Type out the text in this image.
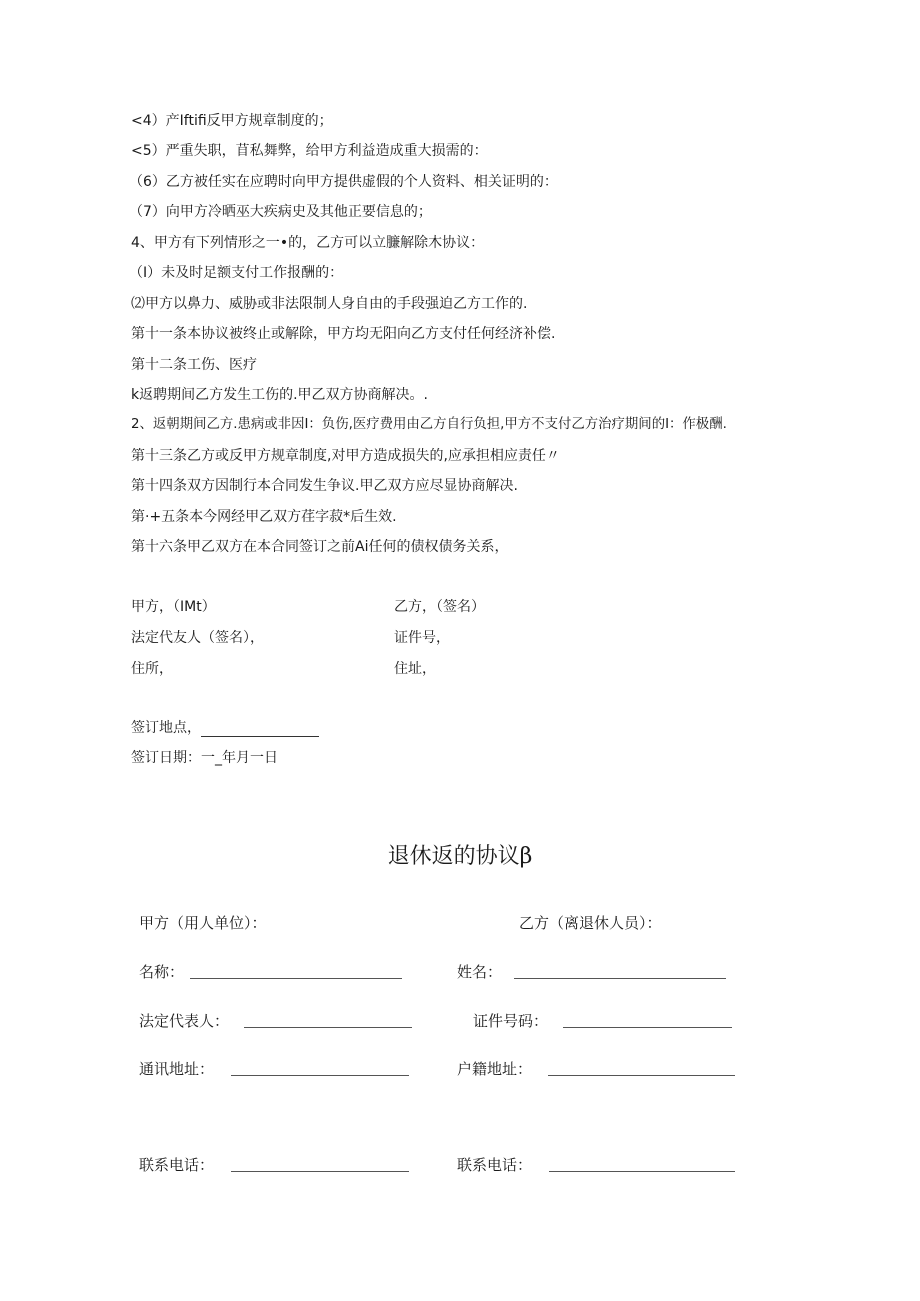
<4）产Iftifi反甲方规章制度的；
<5）严重失职，苜私舞弊，给甲方利益造成重大损需的：
（6）乙方被任实在应聘时向甲方提供虚假的个人资料、相关证明的：
（7）向甲方冷晒巫大疾病史及其他正要信息的；
4、甲方有下列情形之一•的，乙方可以立臁解除木协议：
（I）未及时足额支付工作报酬的：
⑵甲方以鼻力、威胁或非法限制人身自由的手段强迫乙方工作的.
第十一条本协议被终止或解除，甲方均无阳向乙方支付任何经济补偿.
第十二条工伤、医疗
k返聘期间乙方发生工伤的.甲乙双方协商解决。.
2、返朝期间乙方.患病或非因I：负伤,医疗费用由乙方自行负担,甲方不支付乙方治疗期间的I：作极酬.
第十三条乙方或反甲方规章制度,对甲方造成损失的,应承担相应责任〃
第十四条双方因制行本合同发生争议.甲乙双方应尽显协商解决.
第·+五条本今网经甲乙双方荏字菽*后生效.
第十六条甲乙双方在本合同签订之前Ai任何的债权债务关系，
甲方，（IMt）	乙方，（签名）
法定代友人（签名），	证件号，
住所，	住址，
签订地点，
签订日期：一_年月一日
退休返的协议β
甲方（用人单位）：	乙方（离退休人员）：
名称：	姓名：
法定代表人：	证件号码：
通讯地址：	户籍地址：
联系电话：	联系电话：
